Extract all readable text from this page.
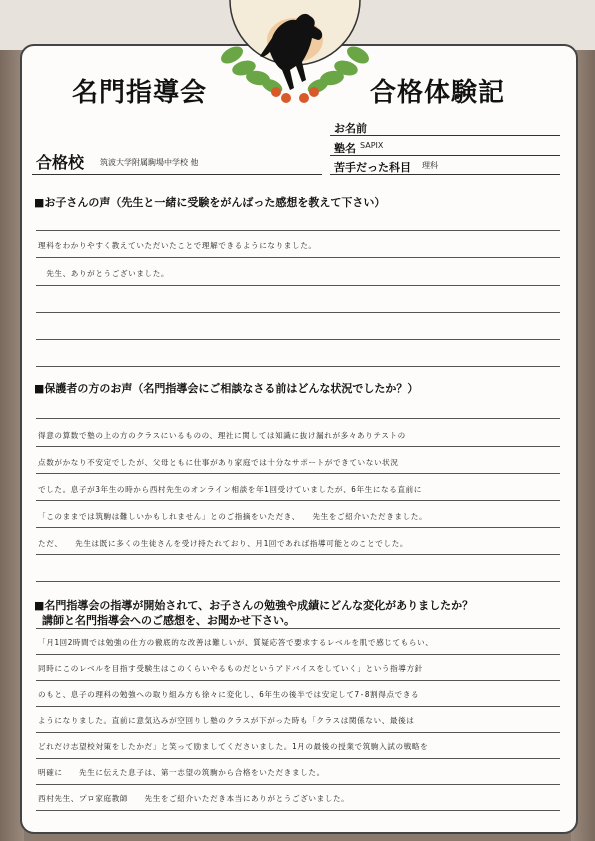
名門指導会	合格体験記
お名前
塾名 SAPIX
苦手だった科目 理科
合格校 筑波大学附属駒場中学校 他
■お子さんの声（先生と一緒に受験をがんばった感想を教えて下さい）
理科をわかりやすく教えていただいたことで理解できるようになりました。
　先生、ありがとうございました。
■保護者の方のお声（名門指導会にご相談なさる前はどんな状況でしたか？）
得意の算数で塾の上の方のクラスにいるものの、理社に関しては知識に抜け漏れが多々ありテストの
点数がかなり不安定でしたが、父母ともに仕事があり家庭では十分なサポートができていない状況
でした。息子が3年生の時から西村先生のオンライン相談を年1回受けていましたが、6年生になる直前に
「このままでは筑駒は難しいかもしれません」とのご指摘をいただき、　　先生をご紹介いただきました。
ただ、　　先生は既に多くの生徒さんを受け持たれており、月1回であれば指導可能とのことでした。
■名門指導会の指導が開始されて、お子さんの勉強や成績にどんな変化がありましたか？
講師と名門指導会へのご感想を、お聞かせ下さい。
「月1回2時間では勉強の仕方の徹底的な改善は難しいが、質疑応答で要求するレベルを肌で感じてもらい、
同時にこのレベルを目指す受験生はこのくらいやるものだというアドバイスをしていく」という指導方針
のもと、息子の理科の勉強への取り組み方も徐々に変化し、6年生の後半では安定して7-8割得点できる
ようになりました。直前に意気込みが空回りし塾のクラスが下がった時も「クラスは関係ない、最後は
どれだけ志望校対策をしたかだ」と笑って励ましてくださいました。1月の最後の授業で筑駒入試の戦略を
明確に　　先生に伝えた息子は、第一志望の筑駒から合格をいただきました。
西村先生、プロ家庭教師　　先生をご紹介いただき本当にありがとうございました。
